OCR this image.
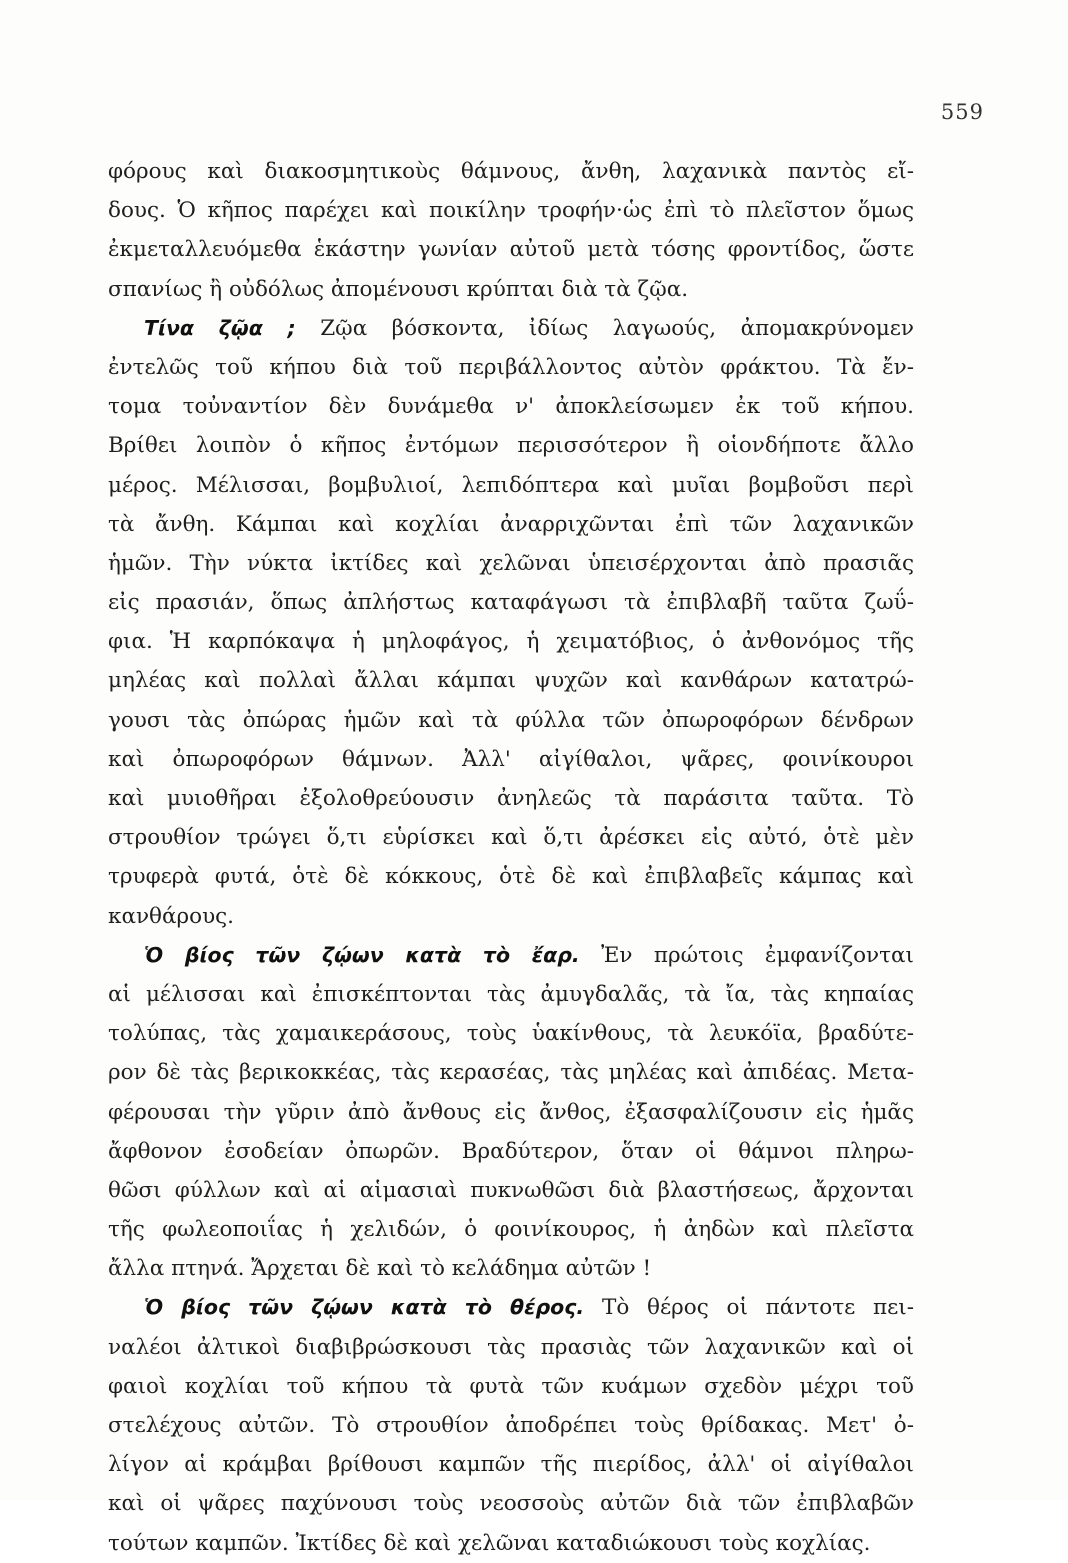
559
φόρους καὶ διακοσμητικοὺς θάμνους, ἄνθη, λαχανικὰ παντὸς εἴ-
δους. Ὁ κῆπος παρέχει καὶ ποικίλην τροφήν·ὡς ἐπὶ τὸ πλεῖστον ὅμως
ἐκμεταλλευόμεθα ἑκάστην γωνίαν αὐτοῦ μετὰ τόσης φροντίδος, ὥστε
σπανίως ἢ οὐδόλως ἀπομένουσι κρύπται διὰ τὰ ζῷα.
Τίνα ζῷα ; Ζῷα βόσκοντα, ἰδίως λαγωούς, ἀπομακρύνομεν
ἐντελῶς τοῦ κήπου διὰ τοῦ περιβάλλοντος αὐτὸν φράκτου. Τὰ ἔν-
τομα τοὐναντίον δὲν δυνάμεθα ν' ἀποκλείσωμεν ἐκ τοῦ κήπου.
Βρίθει λοιπὸν ὁ κῆπος ἐντόμων περισσότερον ἢ οἱονδήποτε ἄλλο
μέρος. Μέλισσαι, βομβυλιοί, λεπιδόπτερα καὶ μυῖαι βομβοῦσι περὶ
τὰ ἄνθη. Κάμπαι καὶ κοχλίαι ἀναρριχῶνται ἐπὶ τῶν λαχανικῶν
ἡμῶν. Τὴν νύκτα ἰκτίδες καὶ χελῶναι ὑπεισέρχονται ἀπὸ πρασιᾶς
εἰς πρασιάν, ὅπως ἀπλήστως καταφάγωσι τὰ ἐπιβλαβῆ ταῦτα ζωΰ-
φια. Ἡ καρπόκαψα ἡ μηλοφάγος, ἡ χειματόβιος, ὁ ἀνθονόμος τῆς
μηλέας καὶ πολλαὶ ἄλλαι κάμπαι ψυχῶν καὶ κανθάρων κατατρώ-
γουσι τὰς ὀπώρας ἡμῶν καὶ τὰ φύλλα τῶν ὀπωροφόρων δένδρων
καὶ ὀπωροφόρων θάμνων. Ἀλλ' αἰγίθαλοι, ψᾶρες, φοινίκουροι
καὶ μυιοθῆραι ἐξολοθρεύουσιν ἀνηλεῶς τὰ παράσιτα ταῦτα. Τὸ
στρουθίον τρώγει ὅ,τι εὑρίσκει καὶ ὅ,τι ἀρέσκει εἰς αὐτό, ὁτὲ μὲν
τρυφερὰ φυτά, ὁτὲ δὲ κόκκους, ὁτὲ δὲ καὶ ἐπιβλαβεῖς κάμπας καὶ
κανθάρους.
Ὁ βίος τῶν ζῴων κατὰ τὸ ἔαρ. Ἐν πρώτοις ἐμφανίζονται
αἱ μέλισσαι καὶ ἐπισκέπτονται τὰς ἀμυγδαλᾶς, τὰ ἴα, τὰς κηπαίας
τολύπας, τὰς χαμαικεράσους, τοὺς ὑακίνθους, τὰ λευκόϊα, βραδύτε-
ρον δὲ τὰς βερικοκκέας, τὰς κερασέας, τὰς μηλέας καὶ ἀπιδέας. Μετα-
φέρουσαι τὴν γῦριν ἀπὸ ἄνθους εἰς ἄνθος, ἐξασφαλίζουσιν εἰς ἡμᾶς
ἄφθονον ἐσοδείαν ὀπωρῶν. Βραδύτερον, ὅταν οἱ θάμνοι πληρω-
θῶσι φύλλων καὶ αἱ αἱμασιαὶ πυκνωθῶσι διὰ βλαστήσεως, ἄρχονται
τῆς φωλεοποιΐας ἡ χελιδών, ὁ φοινίκουρος, ἡ ἀηδὼν καὶ πλεῖστα
ἄλλα πτηνά. Ἄρχεται δὲ καὶ τὸ κελάδημα αὐτῶν !
Ὁ βίος τῶν ζῴων κατὰ τὸ θέρος. Τὸ θέρος οἱ πάντοτε πει-
ναλέοι ἀλτικοὶ διαβιβρώσκουσι τὰς πρασιὰς τῶν λαχανικῶν καὶ οἱ
φαιοὶ κοχλίαι τοῦ κήπου τὰ φυτὰ τῶν κυάμων σχεδὸν μέχρι τοῦ
στελέχους αὐτῶν. Τὸ στρουθίον ἀποδρέπει τοὺς θρίδακας. Μετ' ὀ-
λίγον αἱ κράμβαι βρίθουσι καμπῶν τῆς πιερίδος, ἀλλ' οἱ αἰγίθαλοι
καὶ οἱ ψᾶρες παχύνουσι τοὺς νεοσσοὺς αὐτῶν διὰ τῶν ἐπιβλαβῶν
τούτων καμπῶν. Ἰκτίδες δὲ καὶ χελῶναι καταδιώκουσι τοὺς κοχλίας.
